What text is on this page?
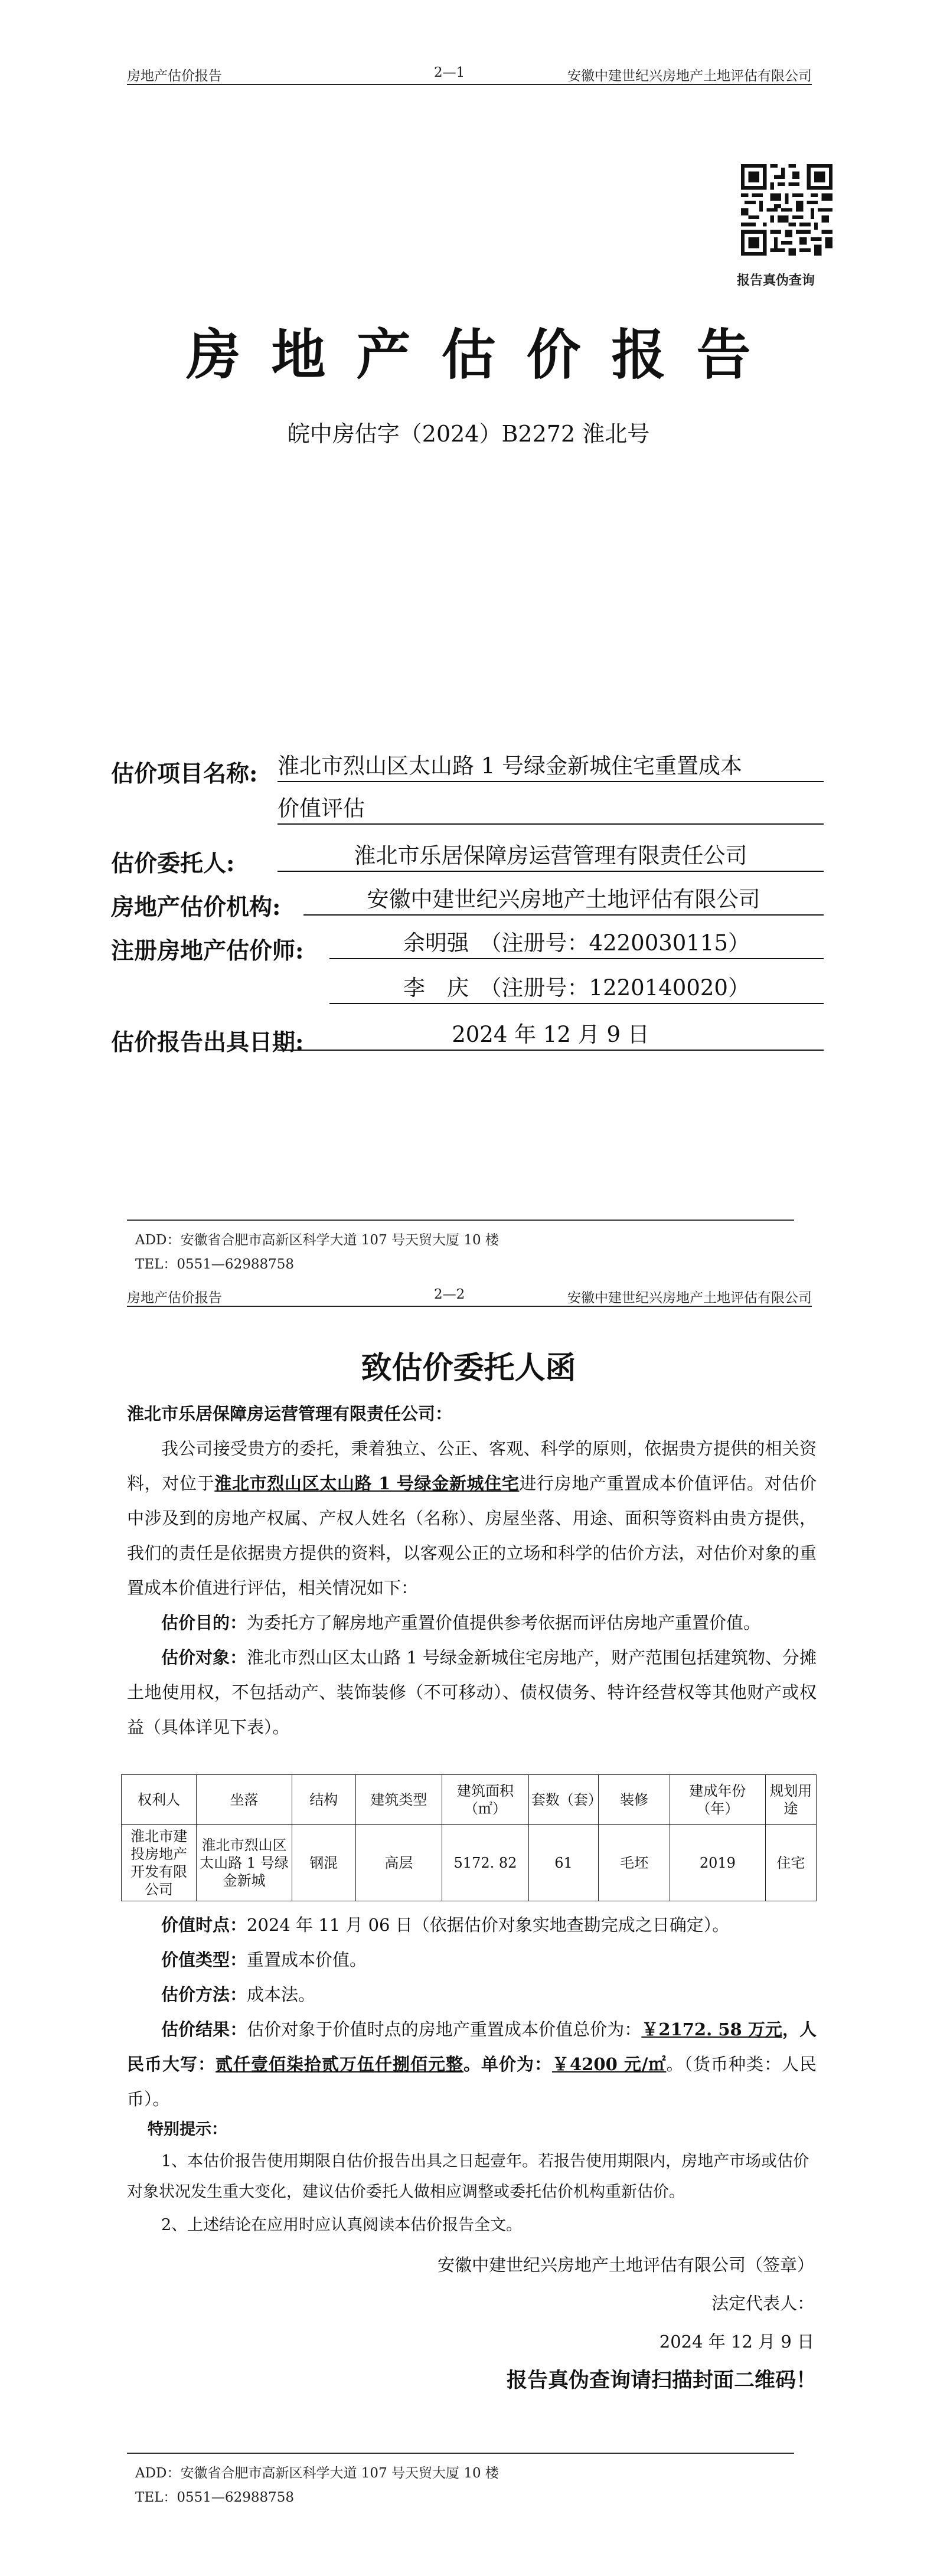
房地产估价报告	2—1	安徽中建世纪兴房地产土地评估有限公司
报告真伪查询
房地产估价报告
皖中房估字（2024）B2272 淮北号
估价项目名称: 淮北市烈山区太山路 1 号绿金新城住宅重置成本
价值评估
估价委托人:	淮北市乐居保障房运营管理有限责任公司
房地产估价机构:	安徽中建世纪兴房地产土地评估有限公司
注册房地产估价师:	余明强　（注册号：4220030115）
李　庆　（注册号：1220140020）
估价报告出具日期:	2024 年 12 月 9 日
ADD：安徽省合肥市高新区科学大道 107 号天贸大厦 10 楼
TEL：0551—62988758
房地产估价报告	2—2	安徽中建世纪兴房地产土地评估有限公司
致估价委托人函
淮北市乐居保障房运营管理有限责任公司：
我公司接受贵方的委托，秉着独立、公正、客观、科学的原则，依据贵方提供的相关资料，对位于淮北市烈山区太山路 1 号绿金新城住宅进行房地产重置成本价值评估。对估价中涉及到的房地产权属、产权人姓名（名称）、房屋坐落、用途、面积等资料由贵方提供，我们的责任是依据贵方提供的资料，以客观公正的立场和科学的估价方法，对估价对象的重置成本价值进行评估，相关情况如下：
估价目的：为委托方了解房地产重置价值提供参考依据而评估房地产重置价值。
估价对象：淮北市烈山区太山路 1 号绿金新城住宅房地产，财产范围包括建筑物、分摊土地使用权，不包括动产、装饰装修（不可移动）、债权债务、特许经营权等其他财产或权益（具体详见下表）。
权利人	坐落	结构	建筑类型	建筑面积（㎡）	套数（套）	装修	建成年份（年）	规划用途
淮北市建投房地产开发有限公司	淮北市烈山区太山路 1 号绿金新城	钢混	高层	5172. 82	61	毛坯	2019	住宅
价值时点：2024 年 11 月 06 日（依据估价对象实地查勘完成之日确定）。
价值类型：重置成本价值。
估价方法：成本法。
估价结果：估价对象于价值时点的房地产重置成本价值总价为：￥2172. 58 万元，人民币大写：贰仟壹佰柒拾贰万伍仟捌佰元整。单价为：￥4200 元/㎡。（货币种类：人民币）。
特别提示：
1、本估价报告使用期限自估价报告出具之日起壹年。若报告使用期限内，房地产市场或估价对象状况发生重大变化，建议估价委托人做相应调整或委托估价机构重新估价。
2、上述结论在应用时应认真阅读本估价报告全文。
安徽中建世纪兴房地产土地评估有限公司（签章）
法定代表人：
2024 年 12 月 9 日
报告真伪查询请扫描封面二维码！
ADD：安徽省合肥市高新区科学大道 107 号天贸大厦 10 楼
TEL：0551—62988758
